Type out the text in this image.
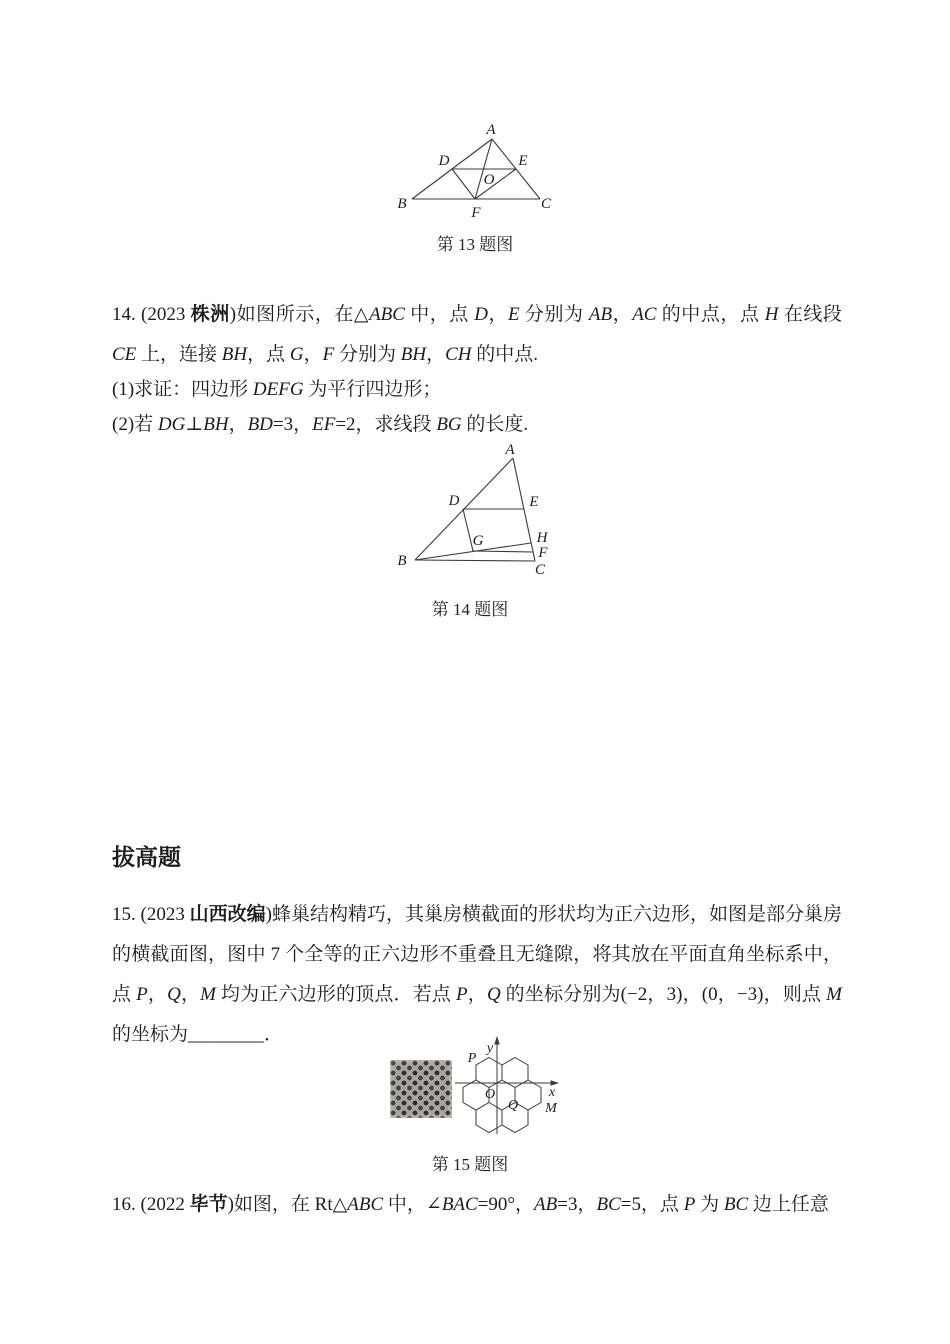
A
B	C
D	E
F
O

第 13 题图

14. (2023 株洲)如图所示，在△ABC 中，点 D，E 分别为 AB，AC 的中点，点 H 在线段 CE 上，连接 BH，点 G，F 分别为 BH，CH 的中点.

(1)求证：四边形 DEFG 为平行四边形；

(2)若 DG⊥BH，BD=3，EF=2，求线段 BG 的长度.

A
B
C
D	E
G	H
F

第 14 题图

拔高题

15. (2023 山西改编)蜂巢结构精巧，其巢房横截面的形状均为正六边形，如图是部分巢房的横截面图，图中 7 个全等的正六边形不重叠且无缝隙，将其放在平面直角坐标系中，点 P，Q，M 均为正六边形的顶点．若点 P，Q 的坐标分别为(−2，3)，(0，−3)，则点 M 的坐标为________．

y
x
O
P
Q M

第 15 题图

16. (2022 毕节)如图，在 Rt△ABC 中，∠BAC=90°，AB=3，BC=5，点 P 为 BC 边上任意
